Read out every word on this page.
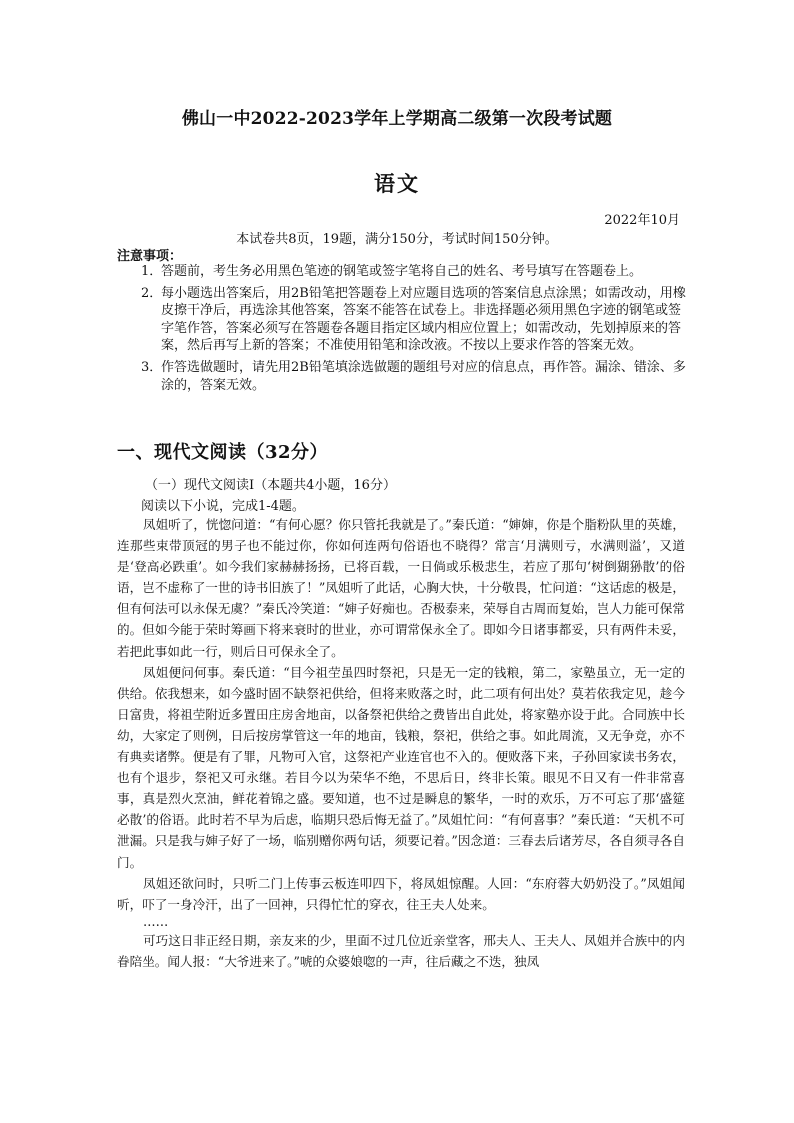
佛山一中2022-2023学年上学期高二级第一次段考试题
语文
2022年10月
本试卷共8页，19题，满分150分，考试时间150分钟。
注意事项：
1．
答题前，考生务必用黑色笔迹的钢笔或签字笔将自己的姓名、考号填写在答题卷上。
2．
每小题选出答案后，用2B铅笔把答题卷上对应题目选项的答案信息点涂黑；如需改动，用橡皮擦干净后，再选涂其他答案，答案不能答在试卷上。非选择题必须用黑色字迹的钢笔或签字笔作答，答案必须写在答题卷各题目指定区域内相应位置上；如需改动，先划掉原来的答案，然后再写上新的答案；不准使用铅笔和涂改液。不按以上要求作答的答案无效。
3．
作答选做题时，请先用2B铅笔填涂选做题的题组号对应的信息点，再作答。漏涂、错涂、多涂的，答案无效。
一、现代文阅读（32分）
（一）现代文阅读Ⅰ（本题共4小题，16分）
阅读以下小说，完成1-4题。

凤姐听了，恍惚问道：“有何心愿？你只管托我就是了。”秦氏道：“婶婶，你是个脂粉队里的英雄，连那些束带顶冠的男子也不能过你，你如何连两句俗语也不晓得？常言‘月满则亏，水满则溢’，又道是‘登高必跌重’。如今我们家赫赫扬扬，已将百载，一日倘或乐极悲生，若应了那句‘树倒猢狲散’的俗语，岂不虚称了一世的诗书旧族了！”凤姐听了此话，心胸大快，十分敬畏，忙问道：“这话虑的极是，但有何法可以永保无虞？”秦氏冷笑道：“婶子好痴也。否极泰来，荣辱自古周而复始，岂人力能可保常的。但如今能于荣时筹画下将来衰时的世业，亦可谓常保永全了。即如今日诸事都妥，只有两件未妥，若把此事如此一行，则后日可保永全了。

凤姐便问何事。秦氏道：“目今祖茔虽四时祭祀，只是无一定的钱粮，第二，家塾虽立，无一定的供给。依我想来，如今盛时固不缺祭祀供给，但将来败落之时，此二项有何出处？莫若依我定见，趁今日富贵，将祖茔附近多置田庄房舍地亩，以备祭祀供给之费皆出自此处，将家塾亦设于此。合同族中长幼，大家定了则例，日后按房掌管这一年的地亩，钱粮，祭祀，供给之事。如此周流，又无争竞，亦不有典卖诸弊。便是有了罪，凡物可入官，这祭祀产业连官也不入的。便败落下来，子孙回家读书务农，也有个退步，祭祀又可永继。若目今以为荣华不绝，不思后日，终非长策。眼见不日又有一件非常喜事，真是烈火烹油，鲜花着锦之盛。要知道，也不过是瞬息的繁华，一时的欢乐，万不可忘了那‘盛筵必散’的俗语。此时若不早为后虑，临期只恐后悔无益了。”凤姐忙问：“有何喜事？”秦氏道：“天机不可泄漏。只是我与婶子好了一场，临别赠你两句话，须要记着。”因念道：三春去后诸芳尽，各自须寻各自门。

凤姐还欲问时，只听二门上传事云板连叩四下，将凤姐惊醒。人回：“东府蓉大奶奶没了。”凤姐闻听，吓了一身冷汗，出了一回神，只得忙忙的穿衣，往王夫人处来。

……

可巧这日非正经日期，亲友来的少，里面不过几位近亲堂客，邢夫人、王夫人、凤姐并合族中的内眷陪坐。闻人报：“大爷进来了。”唬的众婆娘唿的一声，往后藏之不迭，独凤
